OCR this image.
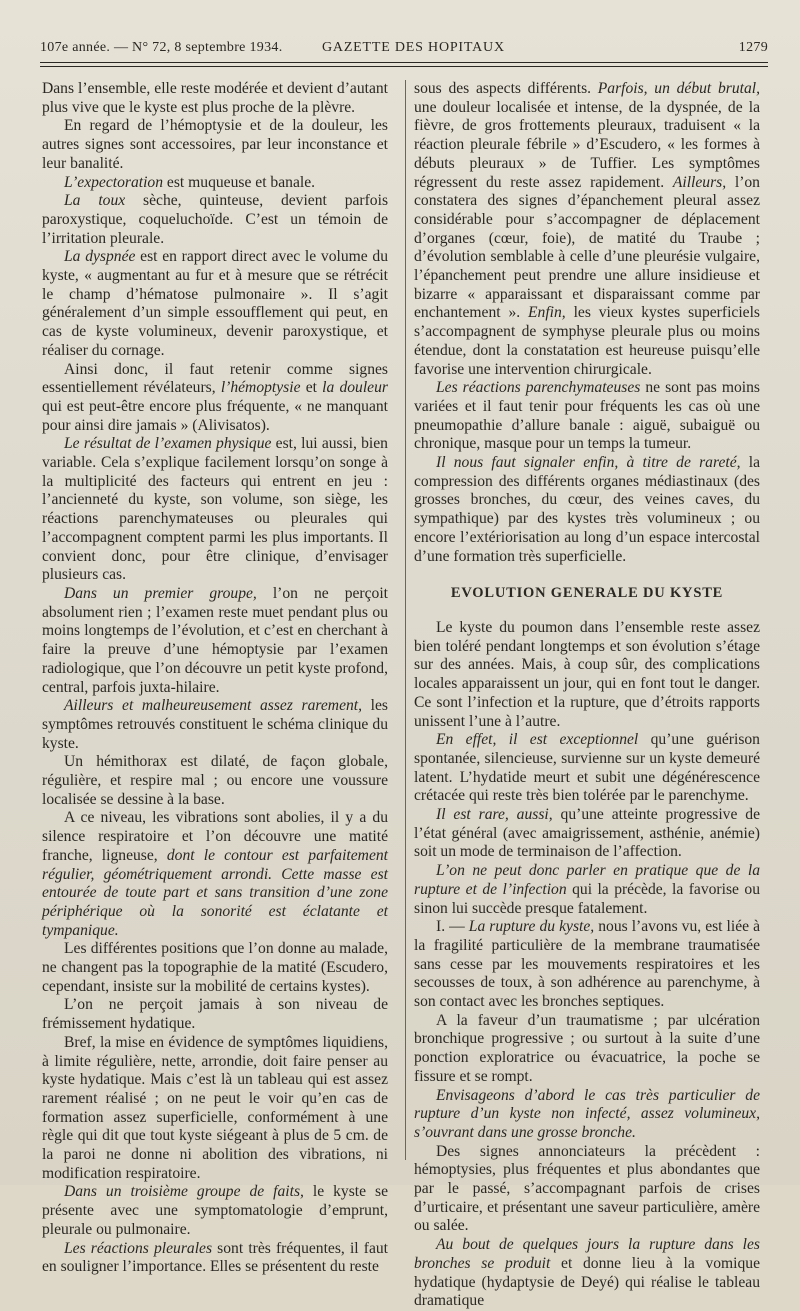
107e année. — N° 72, 8 septembre 1934.	GAZETTE DES HOPITAUX	1279

Dans l’ensemble, elle reste modérée et devient d’autant plus vive que le kyste est plus proche de la plèvre.

En regard de l’hémoptysie et de la douleur, les autres signes sont accessoires, par leur inconstance et leur banalité.

L’expectoration est muqueuse et banale.

La toux sèche, quinteuse, devient parfois paroxystique, coqueluchoïde. C’est un témoin de l’irritation pleurale.

La dyspnée est en rapport direct avec le volume du kyste, « augmentant au fur et à mesure que se rétrécit le champ d’hématose pulmonaire ». Il s’agit généralement d’un simple essoufflement qui peut, en cas de kyste volumineux, devenir paroxystique, et réaliser du cornage.

Ainsi donc, il faut retenir comme signes essentiellement révélateurs, l’hémoptysie et la douleur qui est peut-être encore plus fréquente, « ne manquant pour ainsi dire jamais » (Alivisatos).

Le résultat de l’examen physique est, lui aussi, bien variable. Cela s’explique facilement lorsqu’on songe à la multiplicité des facteurs qui entrent en jeu : l’ancienneté du kyste, son volume, son siège, les réactions parenchymateuses ou pleurales qui l’accompagnent comptent parmi les plus importants. Il convient donc, pour être clinique, d’envisager plusieurs cas.

Dans un premier groupe, l’on ne perçoit absolument rien ; l’examen reste muet pendant plus ou moins longtemps de l’évolution, et c’est en cherchant à faire la preuve d’une hémoptysie par l’examen radiologique, que l’on découvre un petit kyste profond, central, parfois juxta-hilaire.

Ailleurs et malheureusement assez rarement, les symptômes retrouvés constituent le schéma clinique du kyste.

Un hémithorax est dilaté, de façon globale, régulière, et respire mal ; ou encore une voussure localisée se dessine à la base.

A ce niveau, les vibrations sont abolies, il y a du silence respiratoire et l’on découvre une matité franche, ligneuse, dont le contour est parfaitement régulier, géométriquement arrondi. Cette masse est entourée de toute part et sans transition d’une zone périphérique où la sonorité est éclatante et tympanique.

Les différentes positions que l’on donne au malade, ne changent pas la topographie de la matité (Escudero, cependant, insiste sur la mobilité de certains kystes).

L’on ne perçoit jamais à son niveau de frémissement hydatique.

Bref, la mise en évidence de symptômes liquidiens, à limite régulière, nette, arrondie, doit faire penser au kyste hydatique. Mais c’est là un tableau qui est assez rarement réalisé ; on ne peut le voir qu’en cas de formation assez superficielle, conformément à une règle qui dit que tout kyste siégeant à plus de 5 cm. de la paroi ne donne ni abolition des vibrations, ni modification respiratoire.

Dans un troisième groupe de faits, le kyste se présente avec une symptomatologie d’emprunt, pleurale ou pulmonaire.

Les réactions pleurales sont très fréquentes, il faut en souligner l’importance. Elles se présentent du reste

sous des aspects différents. Parfois, un début brutal, une douleur localisée et intense, de la dyspnée, de la fièvre, de gros frottements pleuraux, traduisent « la réaction pleurale fébrile » d’Escudero, « les formes à débuts pleuraux » de Tuffier. Les symptômes régressent du reste assez rapidement. Ailleurs, l’on constatera des signes d’épanchement pleural assez considérable pour s’accompagner de déplacement d’organes (cœur, foie), de matité du Traube ; d’évolution semblable à celle d’une pleurésie vulgaire, l’épanchement peut prendre une allure insidieuse et bizarre « apparaissant et disparaissant comme par enchantement ». Enfin, les vieux kystes superficiels s’accompagnent de symphyse pleurale plus ou moins étendue, dont la constatation est heureuse puisqu’elle favorise une intervention chirurgicale.

Les réactions parenchymateuses ne sont pas moins variées et il faut tenir pour fréquents les cas où une pneumopathie d’allure banale : aiguë, subaiguë ou chronique, masque pour un temps la tumeur.

Il nous faut signaler enfin, à titre de rareté, la compression des différents organes médiastinaux (des grosses bronches, du cœur, des veines caves, du sympathique) par des kystes très volumineux ; ou encore l’extériorisation au long d’un espace intercostal d’une formation très superficielle.

EVOLUTION GENERALE DU KYSTE

Le kyste du poumon dans l’ensemble reste assez bien toléré pendant longtemps et son évolution s’étage sur des années. Mais, à coup sûr, des complications locales apparaissent un jour, qui en font tout le danger. Ce sont l’infection et la rupture, que d’étroits rapports unissent l’une à l’autre.

En effet, il est exceptionnel qu’une guérison spontanée, silencieuse, survienne sur un kyste demeuré latent. L’hydatide meurt et subit une dégénérescence crétacée qui reste très bien tolérée par le parenchyme.

Il est rare, aussi, qu’une atteinte progressive de l’état général (avec amaigrissement, asthénie, anémie) soit un mode de terminaison de l’affection.

L’on ne peut donc parler en pratique que de la rupture et de l’infection qui la précède, la favorise ou sinon lui succède presque fatalement.

I. — La rupture du kyste, nous l’avons vu, est liée à la fragilité particulière de la membrane traumatisée sans cesse par les mouvements respiratoires et les secousses de toux, à son adhérence au parenchyme, à son contact avec les bronches septiques.

A la faveur d’un traumatisme ; par ulcération bronchique progressive ; ou surtout à la suite d’une ponction exploratrice ou évacuatrice, la poche se fissure et se rompt.

Envisageons d’abord le cas très particulier de rupture d’un kyste non infecté, assez volumineux, s’ouvrant dans une grosse bronche.

Des signes annonciateurs la précèdent : hémoptysies, plus fréquentes et plus abondantes que par le passé, s’accompagnant parfois de crises d’urticaire, et présentant une saveur particulière, amère ou salée.

Au bout de quelques jours la rupture dans les bronches se produit et donne lieu à la vomique hydatique (hydaptysie de Deyé) qui réalise le tableau dramatique
